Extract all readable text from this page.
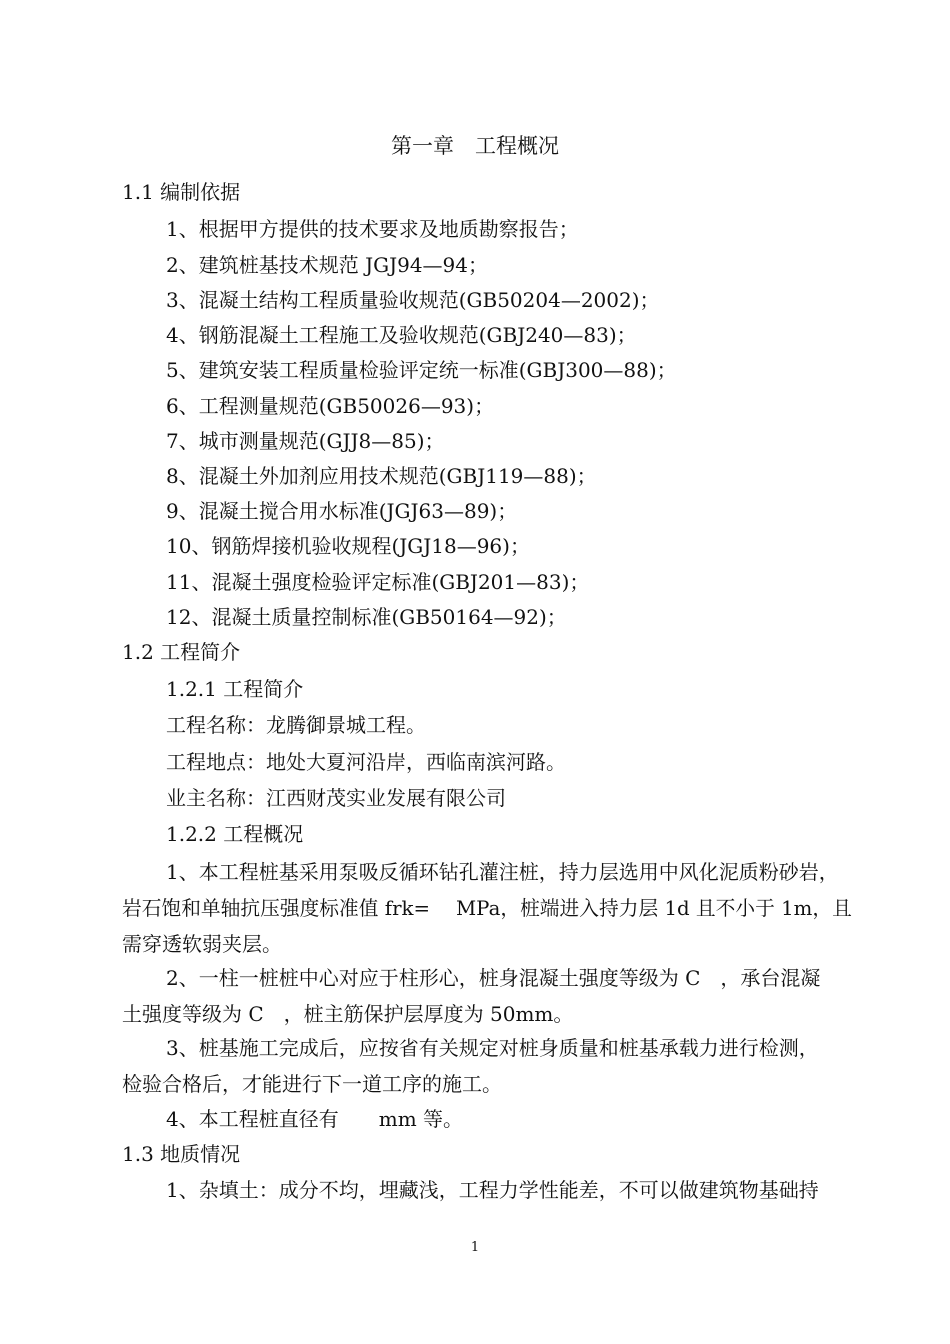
第一章　工程概况
1.1 编制依据
1、根据甲方提供的技术要求及地质勘察报告；
2、建筑桩基技术规范 JGJ94—94；
3、混凝土结构工程质量验收规范(GB50204—2002)；
4、钢筋混凝土工程施工及验收规范(GBJ240—83)；
5、建筑安装工程质量检验评定统一标准(GBJ300—88)；
6、工程测量规范(GB50026—93)；
7、城市测量规范(GJJ8—85)；
8、混凝土外加剂应用技术规范(GBJ119—88)；
9、混凝土搅合用水标准(JGJ63—89)；
10、钢筋焊接机验收规程(JGJ18—96)；
11、混凝土强度检验评定标准(GBJ201—83)；
12、混凝土质量控制标准(GB50164—92)；
1.2 工程简介
1.2.1 工程简介
工程名称：龙腾御景城工程。
工程地点：地处大夏河沿岸，西临南滨河路。
业主名称：江西财茂实业发展有限公司
1.2.2 工程概况
1、本工程桩基采用泵吸反循环钻孔灌注桩，持力层选用中风化泥质粉砂岩，
岩石饱和单轴抗压强度标准值 frk=　 MPa，桩端进入持力层 1d 且不小于 1m，且
需穿透软弱夹层。
2、一柱一桩桩中心对应于柱形心，桩身混凝土强度等级为 C　，承台混凝
土强度等级为 C　，桩主筋保护层厚度为 50mm。
3、桩基施工完成后，应按省有关规定对桩身质量和桩基承载力进行检测，
检验合格后，才能进行下一道工序的施工。
4、本工程桩直径有　　mm 等。
1.3 地质情况
1、杂填土：成分不均，埋藏浅，工程力学性能差，不可以做建筑物基础持
1
